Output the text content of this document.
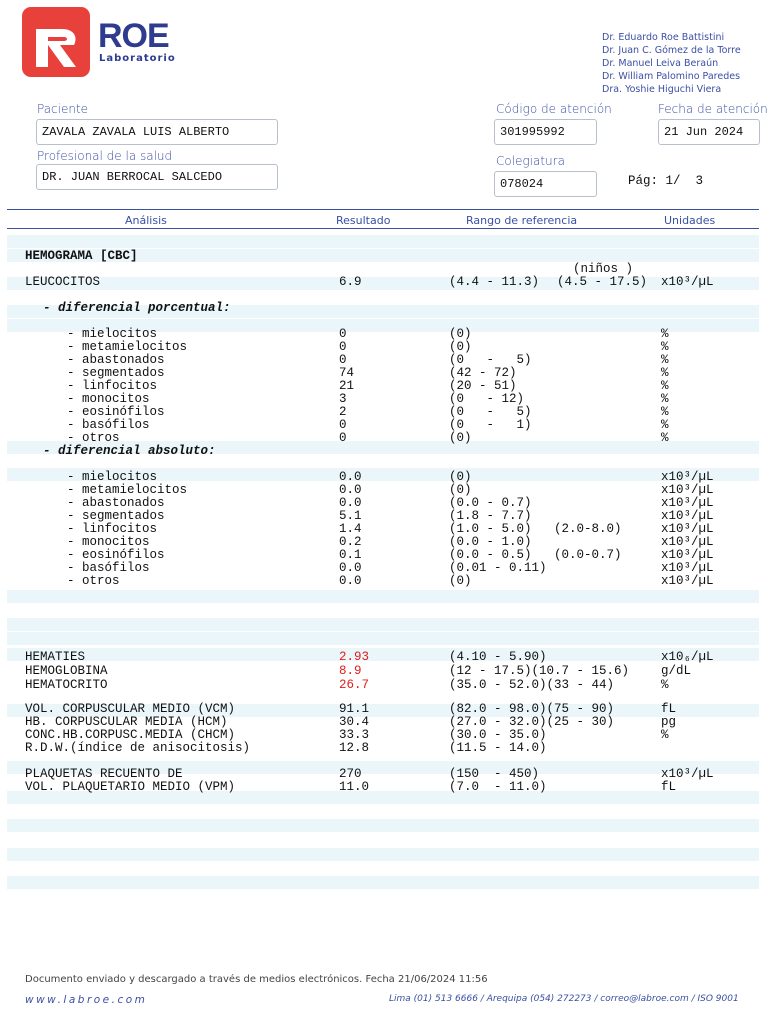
ROE
Laboratorio
Dr. Eduardo Roe Battistini
Dr. Juan C. Gómez de la Torre
Dr. Manuel Leiva Beraún
Dr. William Palomino Paredes
Dra. Yoshie Higuchi Viera
Paciente
ZAVALA ZAVALA LUIS ALBERTO
Profesional de la salud
DR. JUAN BERROCAL SALCEDO
Código de atención
301995992
Fecha de atención
21 Jun 2024
Colegiatura
078024	Pág: 1/  3
Análisis	Resultado	Rango de referencia	Unidades
HEMOGRAMA [CBC]
(niños )
LEUCOCITOS	6.9	(4.4 - 11.3) (4.5 - 17.5) x10³/µL
- diferencial porcentual:
- mielocitos	0	(0)	%
- metamielocitos	0	(0)	%
- abastonados	0	(0   -   5)	%
- segmentados	74	(42 - 72)	%
- linfocitos	21	(20 - 51)	%
- monocitos	3	(0   - 12)	%
- eosinófilos	2	(0   -   5)	%
- basófilos	0	(0   -   1)	%
- otros	0	(0)	%
- diferencial absoluto:
- mielocitos	0.0	(0)	x10³/µL
- metamielocitos	0.0	(0)	x10³/µL
- abastonados	0.0	(0.0 - 0.7)	x10³/µL
- segmentados	5.1	(1.8 - 7.7)	x10³/µL
- linfocitos	1.4	(1.0 - 5.0)   (2.0-8.0)	x10³/µL
- monocitos	0.2	(0.0 - 1.0)	x10³/µL
- eosinófilos	0.1	(0.0 - 0.5)   (0.0-0.7)	x10³/µL
- basófilos	0.0	(0.01 - 0.11)	x10³/µL
- otros	0.0	(0)	x10³/µL
HEMATIES	2.93	(4.10 - 5.90)	x10₆/µL
HEMOGLOBINA	8.9	(12 - 17.5)(10.7 - 15.6)	g/dL
HEMATOCRITO	26.7	(35.0 - 52.0)(33 - 44)	%
VOL. CORPUSCULAR MEDIO (VCM)	91.1	(82.0 - 98.0)(75 - 90)	fL
HB. CORPUSCULAR MEDIA (HCM)	30.4	(27.0 - 32.0)(25 - 30)	pg
CONC.HB.CORPUSC.MEDIA (CHCM)	33.3	(30.0 - 35.0)	%
R.D.W.(índice de anisocitosis)	12.8	(11.5 - 14.0)
PLAQUETAS RECUENTO DE	270	(150  - 450)	x10³/µL
VOL. PLAQUETARIO MEDIO (VPM)	11.0	(7.0  - 11.0)	fL
Documento enviado y descargado a través de medios electrónicos. Fecha 21/06/2024 11:56
www.labroe.com	Lima (01) 513 6666 / Arequipa (054) 272273 / correo@labroe.com / ISO 9001
